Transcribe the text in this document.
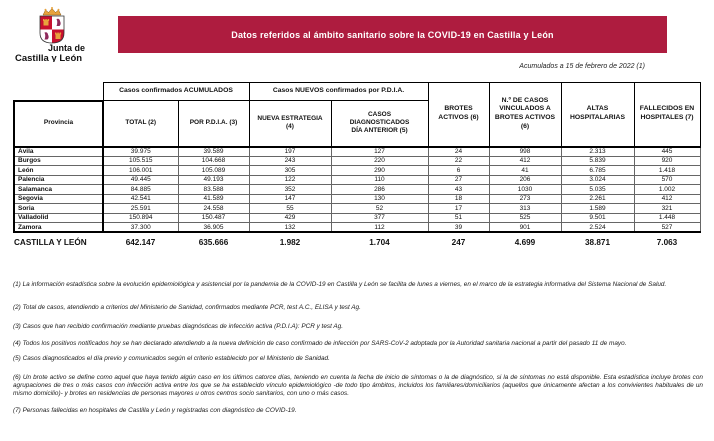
Junta de
Castilla y León
Datos referidos al ámbito sanitario sobre la COVID-19 en Castilla y León
Acumulados a 15 de febrero de 2022 (1)
	Casos confirmados ACUMULADOS		Casos NUEVOS confirmados por P.D.I.A.		BROTES ACTIVOS (6)	N.º DE CASOS VINCULADOS A BROTES ACTIVOS (6)	ALTAS HOSPITALARIAS	FALLECIDOS EN HOSPITALES (7)
Provincia	TOTAL (2)	POR P.D.I.A. (3)	NUEVA ESTRATEGIA (4)	CASOS DIAGNOSTICADOS DÍA ANTERIOR (5)				
Ávila	39.975	39.589	197	127	24	998	2.313	445
Burgos	105.515	104.668	243	220	22	412	5.839	920
León	106.001	105.089	305	290	6	41	6.785	1.418
Palencia	49.445	49.193	122	110	27	206	3.024	570
Salamanca	84.885	83.588	352	286	43	1030	5.035	1.002
Segovia	42.541	41.589	147	130	18	273	2.261	412
Soria	25.591	24.558	55	52	17	313	1.589	321
Valladolid	150.894	150.487	429	377	51	525	9.501	1.448
Zamora	37.300	36.905	132	112	39	901	2.524	527
CASTILLA Y LEÓN	642.147	635.666	1.982	1.704	247	4.699	38.871	7.063

(1) La información estadística sobre la evolución epidemiológica y asistencial por la pandemia de la COVID-19 en Castilla y León se facilita de lunes a viernes, en el marco de la estrategia informativa del Sistema Nacional de Salud.

(2) Total de casos, atendiendo a criterios del Ministerio de Sanidad, confirmados mediante PCR, test A.C., ELISA y test Ag.

(3) Casos que han recibido confirmación mediante pruebas diagnósticas de infección activa (P.D.I.A): PCR y test Ag.

(4) Todos los positivos notificados hoy se han declarado atendiendo a la nueva definición de caso confirmado de infección por SARS-CoV-2 adoptada por la Autoridad sanitaria nacional a partir del pasado 11 de mayo.

(5) Casos diagnosticados el día previo y comunicados según el criterio establecido por el Ministerio de Sanidad.

(6) Un brote activo se define como aquel que haya tenido algún caso en los últimos catorce días, teniendo en cuenta la fecha de inicio de síntomas o la de diagnóstico, si la de síntomas no está disponible. Esta estadística incluye brotes con agrupaciones de tres o más casos con infección activa entre los que se ha establecido vínculo epidemiológico -de todo tipo ámbitos, incluidos los familiares/domiciliarios (aquellos que únicamente afectan a los convivientes habituales de un mismo domicilio)- y brotes en residencias de personas mayores u otros centros socio sanitarios, con uno o más casos.

(7) Personas fallecidas en hospitales de Castilla y León y registradas con diagnóstico de COVID-19.
